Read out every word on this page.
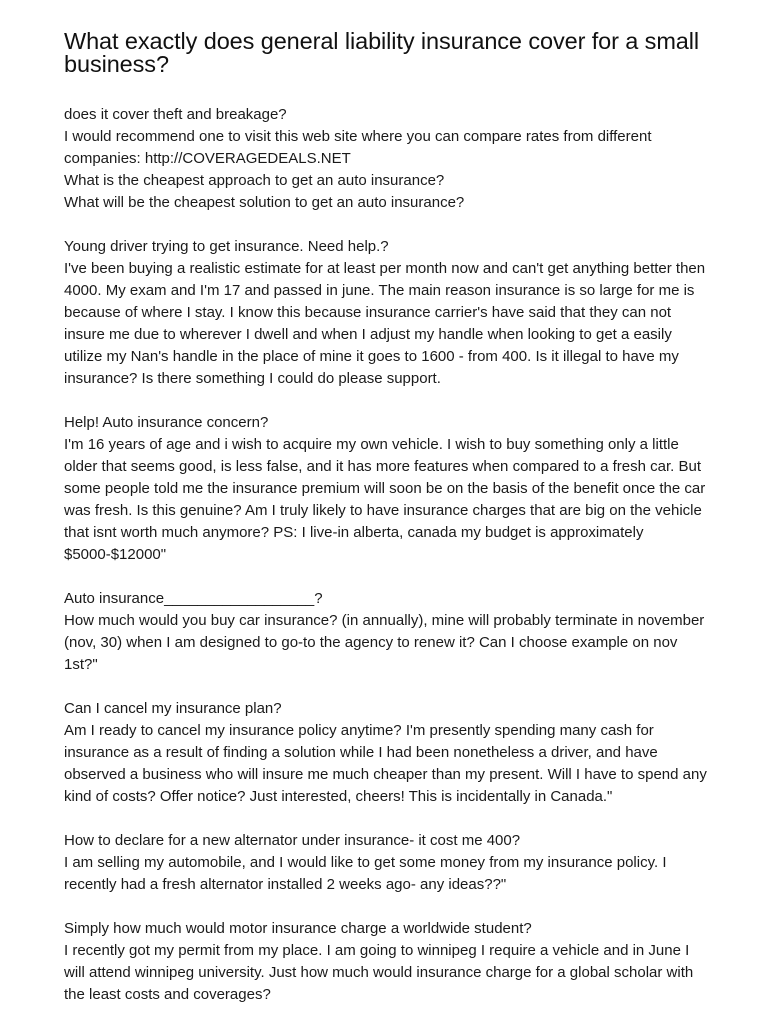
What exactly does general liability insurance cover for a small business?

does it cover theft and breakage?

I would recommend one to visit this web site where you can compare rates from different companies: http://COVERAGEDEALS.NET

What is the cheapest approach to get an auto insurance?

What will be the cheapest solution to get an auto insurance?

Young driver trying to get insurance. Need help.?

I've been buying a realistic estimate for at least per month now and can't get anything better then 4000. My exam and I'm 17 and passed in june. The main reason insurance is so large for me is because of where I stay. I know this because insurance carrier's have said that they can not insure me due to wherever I dwell and when I adjust my handle when looking to get a easily utilize my Nan's handle in the place of mine it goes to 1600 - from 400. Is it illegal to have my insurance? Is there something I could do please support.

Help! Auto insurance concern?

I'm 16 years of age and i wish to acquire my own vehicle. I wish to buy something only a little older that seems good, is less false, and it has more features when compared to a fresh car. But some people told me the insurance premium will soon be on the basis of the benefit once the car was fresh. Is this genuine? Am I truly likely to have insurance charges that are big on the vehicle that isnt worth much anymore? PS: I live-in alberta, canada my budget is approximately $5000-$12000"

Auto insurance__________________?

How much would you buy car insurance? (in annually), mine will probably terminate in november (nov, 30) when I am designed to go-to the agency to renew it? Can I choose example on nov 1st?"

Can I cancel my insurance plan?

Am I ready to cancel my insurance policy anytime? I'm presently spending many cash for insurance as a result of finding a solution while I had been nonetheless a driver, and have observed a business who will insure me much cheaper than my present. Will I have to spend any kind of costs? Offer notice? Just interested, cheers! This is incidentally in Canada."

How to declare for a new alternator under insurance- it cost me 400?

I am selling my automobile, and I would like to get some money from my insurance policy. I recently had a fresh alternator installed 2 weeks ago- any ideas??"

Simply how much would motor insurance charge a worldwide student?

I recently got my permit from my place. I am going to winnipeg I require a vehicle and in June I will attend winnipeg university. Just how much would insurance charge for a global scholar with the least costs and coverages?
